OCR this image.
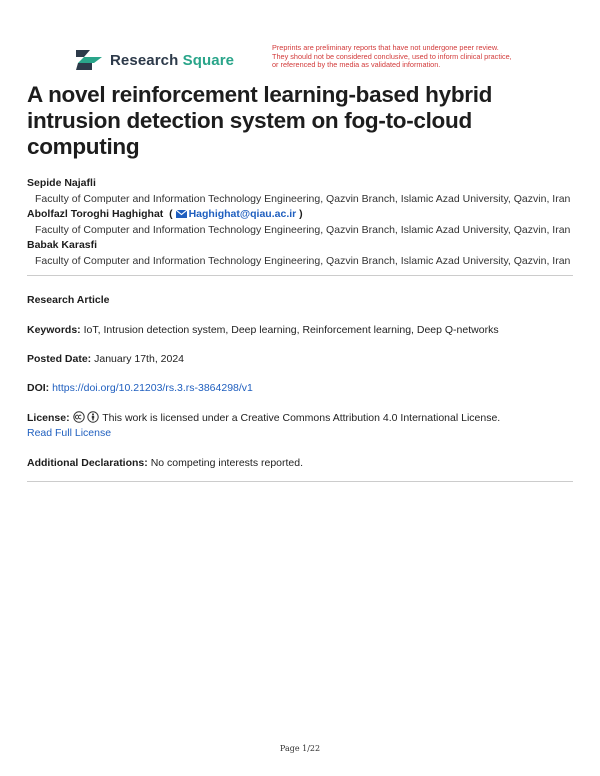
Research Square
Preprints are preliminary reports that have not undergone peer review.
They should not be considered conclusive, used to inform clinical practice,
or referenced by the media as validated information.
A novel reinforcement learning-based hybrid intrusion detection system on fog-to-cloud computing
Sepide Najafli
Faculty of Computer and Information Technology Engineering, Qazvin Branch, Islamic Azad University, Qazvin, Iran
Abolfazl Toroghi Haghighat  ( Haghighat@qiau.ac.ir )
Faculty of Computer and Information Technology Engineering, Qazvin Branch, Islamic Azad University, Qazvin, Iran
Babak Karasfi
Faculty of Computer and Information Technology Engineering, Qazvin Branch, Islamic Azad University, Qazvin, Iran
Research Article
Keywords: IoT, Intrusion detection system, Deep learning, Reinforcement learning, Deep Q-networks
Posted Date: January 17th, 2024
DOI: https://doi.org/10.21203/rs.3.rs-3864298/v1
License:	This work is licensed under a Creative Commons Attribution 4.0 International License.
Read Full License
Additional Declarations: No competing interests reported.
Page 1/22
